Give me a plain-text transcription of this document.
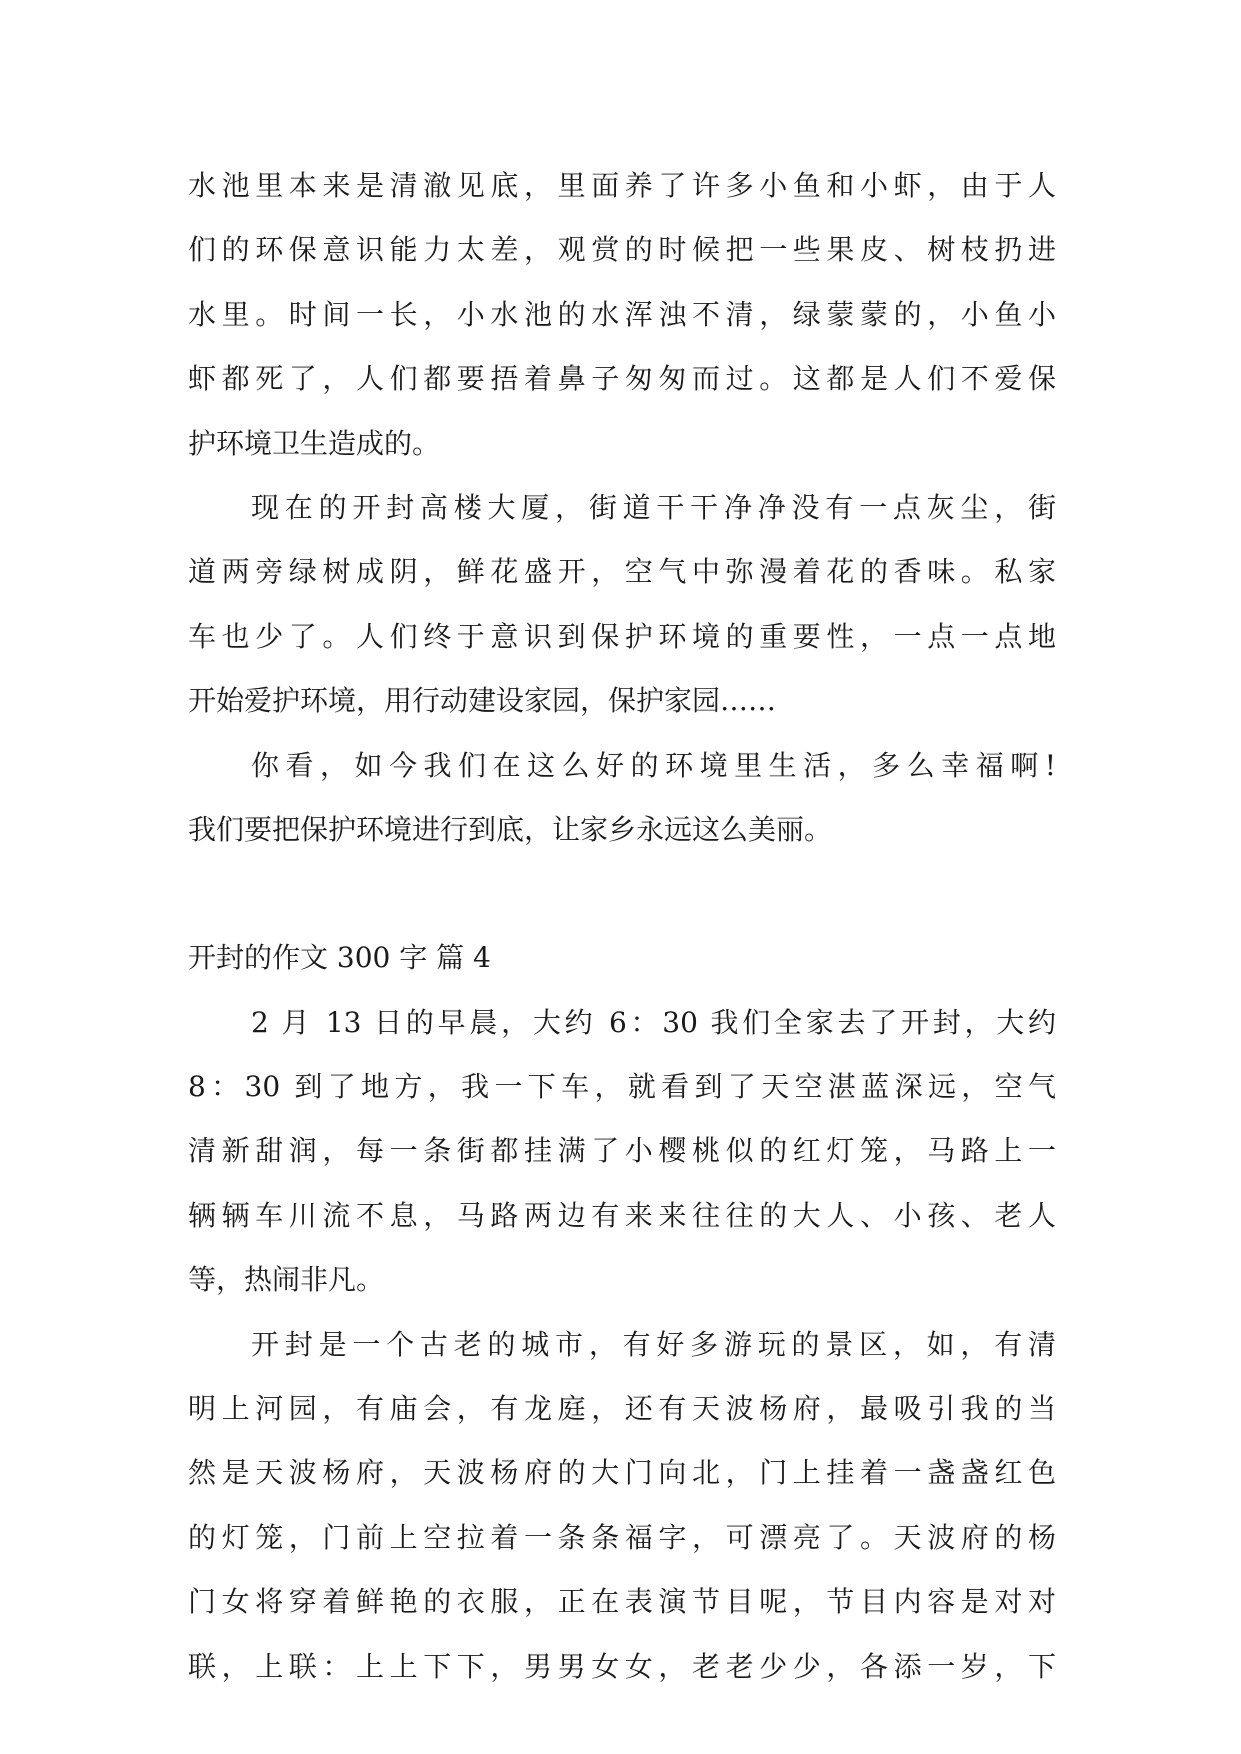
水池里本来是清澈见底，里面养了许多小鱼和小虾，由于人
们的环保意识能力太差，观赏的时候把一些果皮、树枝扔进
水里。时间一长，小水池的水浑浊不清，绿蒙蒙的，小鱼小
虾都死了，人们都要捂着鼻子匆匆而过。这都是人们不爱保
护环境卫生造成的。
现在的开封高楼大厦，街道干干净净没有一点灰尘，街
道两旁绿树成阴，鲜花盛开，空气中弥漫着花的香味。私家
车也少了。人们终于意识到保护环境的重要性，一点一点地
开始爱护环境，用行动建设家园，保护家园……
你看，如今我们在这么好的环境里生活，多么幸福啊!
我们要把保护环境进行到底，让家乡永远这么美丽。
开封的作文 300 字 篇 4
2 月 13 日的早晨，大约 6：30 我们全家去了开封，大约
8：30 到了地方，我一下车，就看到了天空湛蓝深远，空气
清新甜润，每一条街都挂满了小樱桃似的红灯笼，马路上一
辆辆车川流不息，马路两边有来来往往的大人、小孩、老人
等，热闹非凡。
开封是一个古老的城市，有好多游玩的景区，如，有清
明上河园，有庙会，有龙庭，还有天波杨府，最吸引我的当
然是天波杨府，天波杨府的大门向北，门上挂着一盏盏红色
的灯笼，门前上空拉着一条条福字，可漂亮了。天波府的杨
门女将穿着鲜艳的衣服，正在表演节目呢，节目内容是对对
联，上联：上上下下，男男女女，老老少少，各添一岁，下
